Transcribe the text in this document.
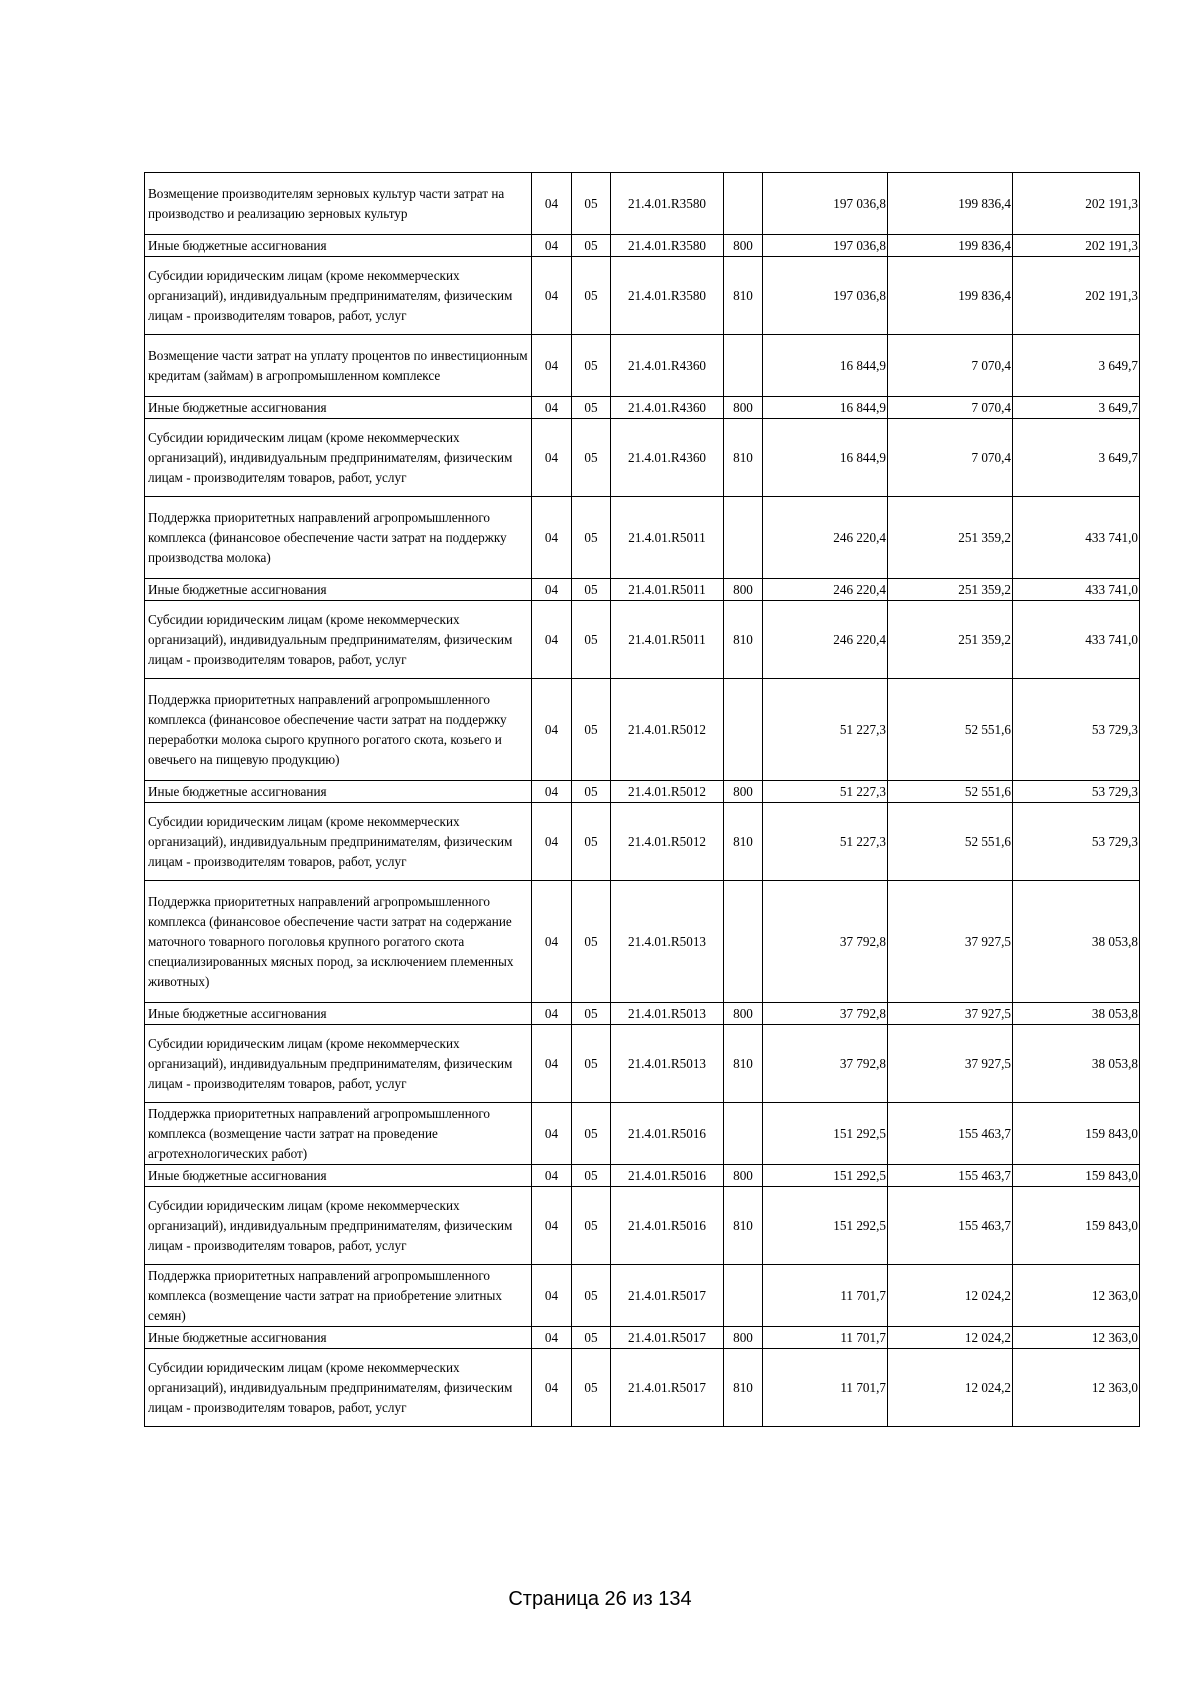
Возмещение производителям зерновых культур части затрат на производство и реализацию зерновых культур	04	05	21.4.01.R3580		197 036,8	199 836,4	202 191,3
Иные бюджетные ассигнования	04	05	21.4.01.R3580	800	197 036,8	199 836,4	202 191,3
Субсидии юридическим лицам (кроме некоммерческих организаций), индивидуальным предпринимателям, физическим лицам - производителям товаров, работ, услуг	04	05	21.4.01.R3580	810	197 036,8	199 836,4	202 191,3
Возмещение части затрат на уплату процентов по инвестиционным кредитам (займам) в агропромышленном комплексе	04	05	21.4.01.R4360		16 844,9	7 070,4	3 649,7
Иные бюджетные ассигнования	04	05	21.4.01.R4360	800	16 844,9	7 070,4	3 649,7
Субсидии юридическим лицам (кроме некоммерческих организаций), индивидуальным предпринимателям, физическим лицам - производителям товаров, работ, услуг	04	05	21.4.01.R4360	810	16 844,9	7 070,4	3 649,7
Поддержка приоритетных направлений агропромышленного комплекса (финансовое обеспечение части затрат на поддержку производства молока)	04	05	21.4.01.R5011		246 220,4	251 359,2	433 741,0
Иные бюджетные ассигнования	04	05	21.4.01.R5011	800	246 220,4	251 359,2	433 741,0
Субсидии юридическим лицам (кроме некоммерческих организаций), индивидуальным предпринимателям, физическим лицам - производителям товаров, работ, услуг	04	05	21.4.01.R5011	810	246 220,4	251 359,2	433 741,0
Поддержка приоритетных направлений агропромышленного комплекса (финансовое обеспечение части затрат на поддержку переработки молока сырого крупного рогатого скота, козьего и овечьего на пищевую продукцию)	04	05	21.4.01.R5012		51 227,3	52 551,6	53 729,3
Иные бюджетные ассигнования	04	05	21.4.01.R5012	800	51 227,3	52 551,6	53 729,3
Субсидии юридическим лицам (кроме некоммерческих организаций), индивидуальным предпринимателям, физическим лицам - производителям товаров, работ, услуг	04	05	21.4.01.R5012	810	51 227,3	52 551,6	53 729,3
Поддержка приоритетных направлений агропромышленного комплекса (финансовое обеспечение части затрат на содержание маточного товарного поголовья крупного рогатого скота специализированных мясных пород, за исключением племенных животных)	04	05	21.4.01.R5013		37 792,8	37 927,5	38 053,8
Иные бюджетные ассигнования	04	05	21.4.01.R5013	800	37 792,8	37 927,5	38 053,8
Субсидии юридическим лицам (кроме некоммерческих организаций), индивидуальным предпринимателям, физическим лицам - производителям товаров, работ, услуг	04	05	21.4.01.R5013	810	37 792,8	37 927,5	38 053,8
Поддержка приоритетных направлений агропромышленного комплекса (возмещение части затрат на проведение агротехнологических работ)	04	05	21.4.01.R5016		151 292,5	155 463,7	159 843,0
Иные бюджетные ассигнования	04	05	21.4.01.R5016	800	151 292,5	155 463,7	159 843,0
Субсидии юридическим лицам (кроме некоммерческих организаций), индивидуальным предпринимателям, физическим лицам - производителям товаров, работ, услуг	04	05	21.4.01.R5016	810	151 292,5	155 463,7	159 843,0
Поддержка приоритетных направлений агропромышленного комплекса (возмещение части затрат на приобретение элитных семян)	04	05	21.4.01.R5017		11 701,7	12 024,2	12 363,0
Иные бюджетные ассигнования	04	05	21.4.01.R5017	800	11 701,7	12 024,2	12 363,0
Субсидии юридическим лицам (кроме некоммерческих организаций), индивидуальным предпринимателям, физическим лицам - производителям товаров, работ, услуг	04	05	21.4.01.R5017	810	11 701,7	12 024,2	12 363,0
Страница 26 из 134
